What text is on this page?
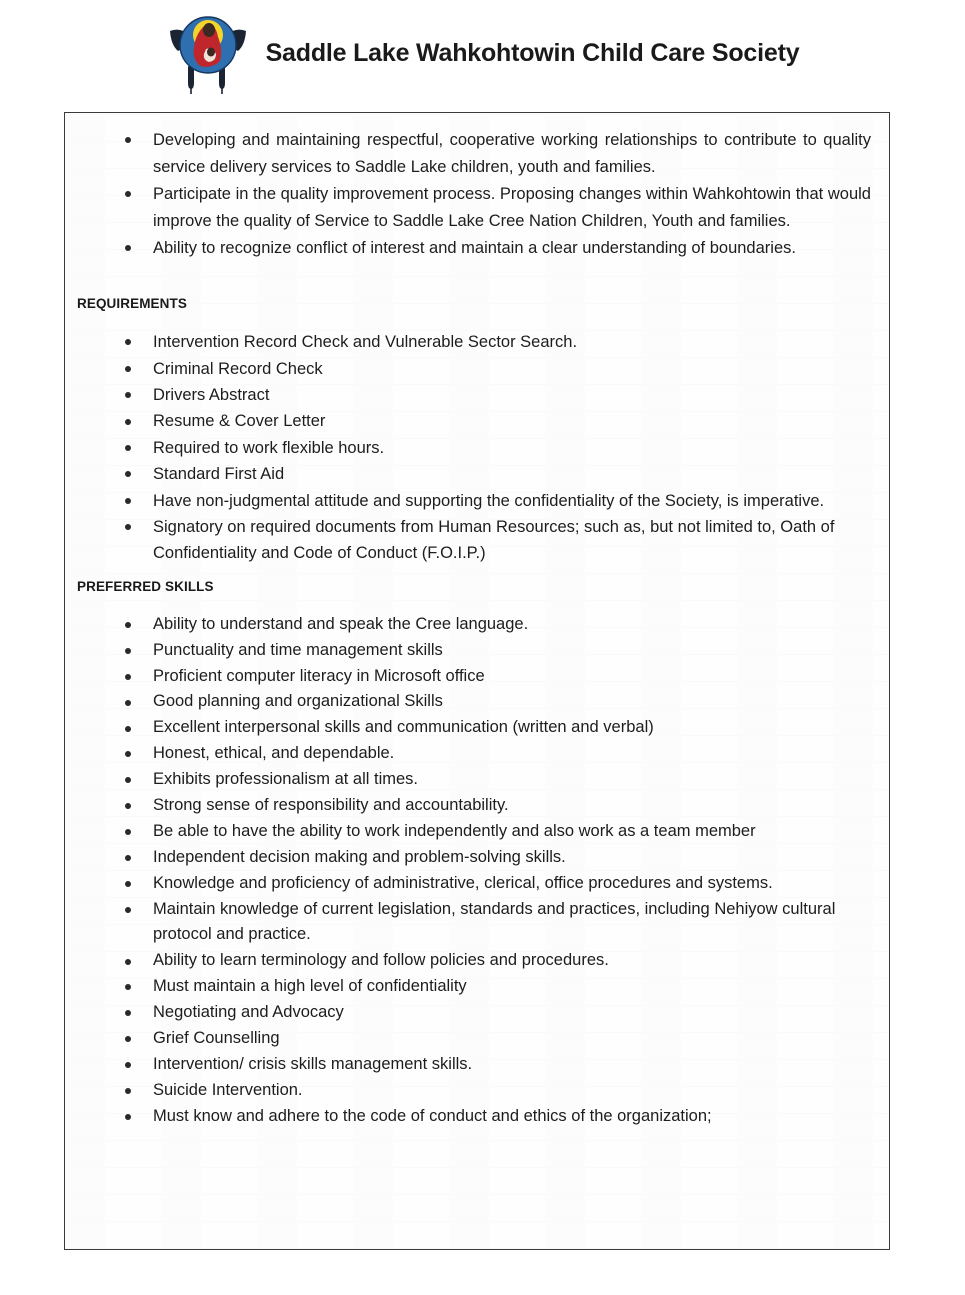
Saddle Lake Wahkohtowin Child Care Society
Developing and maintaining respectful, cooperative working relationships to contribute to quality service delivery services to Saddle Lake children, youth and families.
Participate in the quality improvement process. Proposing changes within Wahkohtowin that would improve the quality of Service to Saddle Lake Cree Nation Children, Youth and families.
Ability to recognize conflict of interest and maintain a clear understanding of boundaries.
REQUIREMENTS
Intervention Record Check and Vulnerable Sector Search.
Criminal Record Check
Drivers Abstract
Resume & Cover Letter
Required to work flexible hours.
Standard First Aid
Have non-judgmental attitude and supporting the confidentiality of the Society, is imperative.
Signatory on required documents from Human Resources; such as, but not limited to, Oath of Confidentiality and Code of Conduct (F.O.I.P.)
PREFERRED SKILLS
Ability to understand and speak the Cree language.
Punctuality and time management skills
Proficient computer literacy in Microsoft office
Good planning and organizational Skills
Excellent interpersonal skills and communication (written and verbal)
Honest, ethical, and dependable.
Exhibits professionalism at all times.
Strong sense of responsibility and accountability.
Be able to have the ability to work independently and also work as a team member
Independent decision making and problem-solving skills.
Knowledge and proficiency of administrative, clerical, office procedures and systems.
Maintain knowledge of current legislation, standards and practices, including Nehiyow cultural protocol and practice.
Ability to learn terminology and follow policies and procedures.
Must maintain a high level of confidentiality
Negotiating and Advocacy
Grief Counselling
Intervention/ crisis skills management skills.
Suicide Intervention.
Must know and adhere to the code of conduct and ethics of the organization;
